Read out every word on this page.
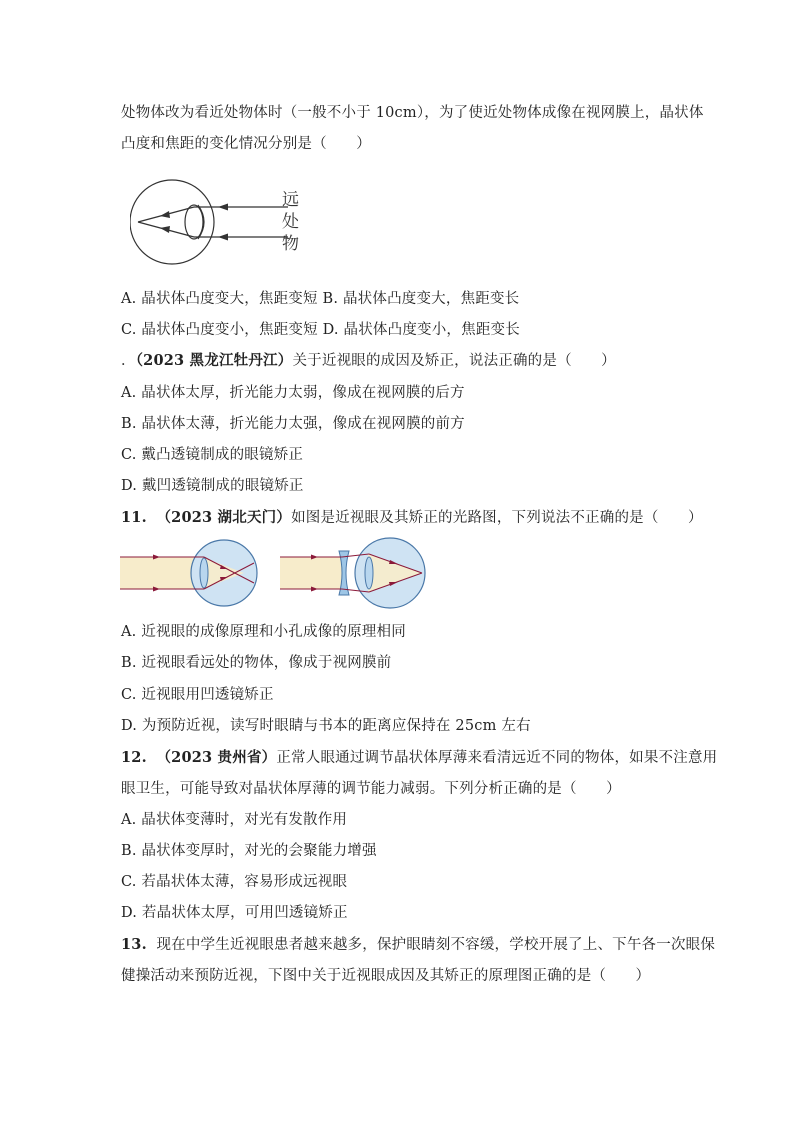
处物体改为看近处物体时（一般不小于 10cm），为了使近处物体成像在视网膜上，晶状体
凸度和焦距的变化情况分别是（　　）
远
处
物
A. 晶状体凸度变大，焦距变短 B. 晶状体凸度变大，焦距变长
C. 晶状体凸度变小，焦距变短 D. 晶状体凸度变小，焦距变长
．（2023 黑龙江牡丹江）关于近视眼的成因及矫正，说法正确的是（　　）
A. 晶状体太厚，折光能力太弱，像成在视网膜的后方
B. 晶状体太薄，折光能力太强，像成在视网膜的前方
C. 戴凸透镜制成的眼镜矫正
D. 戴凹透镜制成的眼镜矫正
11. （2023 湖北天门）如图是近视眼及其矫正的光路图，下列说法不正确的是（　　）
A. 近视眼的成像原理和小孔成像的原理相同
B. 近视眼看远处的物体，像成于视网膜前
C. 近视眼用凹透镜矫正
D. 为预防近视，读写时眼睛与书本的距离应保持在 25cm 左右
12. （2023 贵州省）正常人眼通过调节晶状体厚薄来看清远近不同的物体，如果不注意用
眼卫生，可能导致对晶状体厚薄的调节能力减弱。下列分析正确的是（　　）
A. 晶状体变薄时，对光有发散作用
B. 晶状体变厚时，对光的会聚能力增强
C. 若晶状体太薄，容易形成远视眼
D. 若晶状体太厚，可用凹透镜矫正
13. 现在中学生近视眼患者越来越多，保护眼睛刻不容缓，学校开展了上、下午各一次眼保
健操活动来预防近视，下图中关于近视眼成因及其矫正的原理图正确的是（　　）
